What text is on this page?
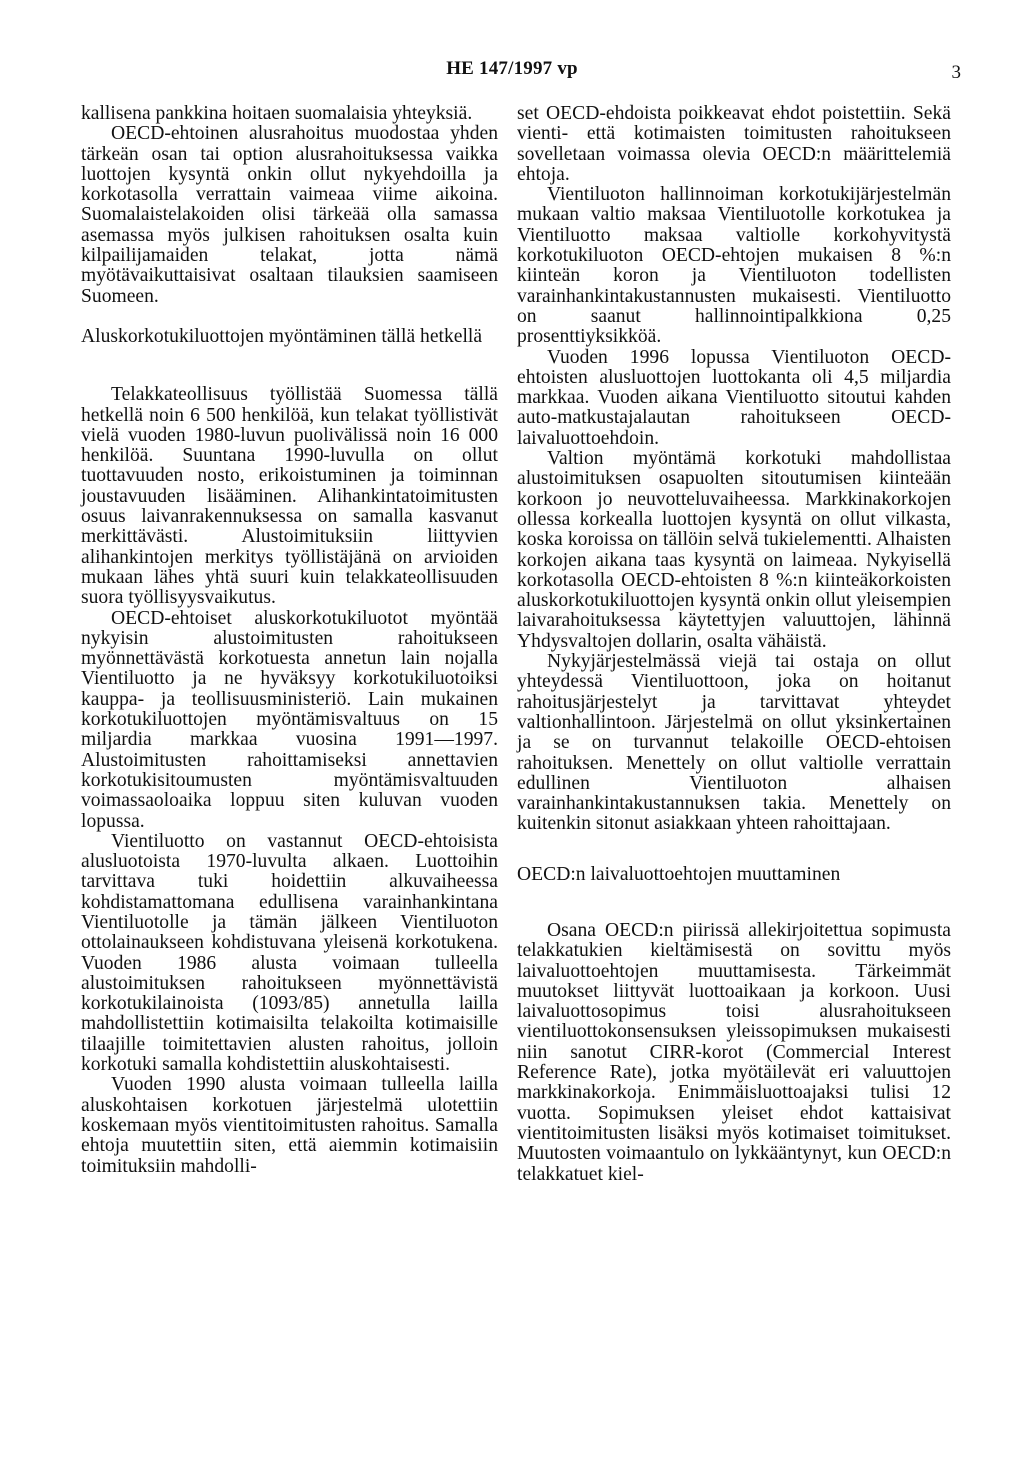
HE 147/1997 vp	3

kallisena pankkina hoitaen suomalaisia yhteyksiä.

OECD-ehtoinen alusrahoitus muodostaa yhden tärkeän osan tai option alusrahoituksessa vaikka luottojen kysyntä onkin ollut nykyehdoilla ja korkotasolla verrattain vaimeaa viime aikoina. Suomalaistelakoiden olisi tärkeää olla samassa asemassa myös julkisen rahoituksen osalta kuin kilpailijamaiden telakat, jotta nämä myötävaikuttaisivat osaltaan tilauksien saamiseen Suomeen.

Aluskorkotukiluottojen myöntäminen tällä hetkellä

Telakkateollisuus työllistää Suomessa tällä hetkellä noin 6 500 henkilöä, kun telakat työllistivät vielä vuoden 1980-luvun puolivälissä noin 16 000 henkilöä. Suuntana 1990-luvulla on ollut tuottavuuden nosto, erikoistuminen ja toiminnan joustavuuden lisääminen. Alihankintatoimitusten osuus laivanrakennuksessa on samalla kasvanut merkittävästi. Alustoimituksiin liittyvien alihankintojen merkitys työllistäjänä on arvioiden mukaan lähes yhtä suuri kuin telakkateollisuuden suora työllisyysvaikutus.

OECD-ehtoiset aluskorkotukiluotot myöntää nykyisin alustoimitusten rahoitukseen myönnettävästä korkotuesta annetun lain nojalla Vientiluotto ja ne hyväksyy korkotukiluotoiksi kauppa- ja teollisuusministeriö. Lain mukainen korkotukiluottojen myöntämisvaltuus on 15 miljardia markkaa vuosina 1991—1997. Alustoimitusten rahoittamiseksi annettavien korkotukisitoumusten myöntämisvaltuuden voimassaoloaika loppuu siten kuluvan vuoden lopussa.

Vientiluotto on vastannut OECD-ehtoisista alusluotoista 1970-luvulta alkaen. Luottoihin tarvittava tuki hoidettiin alkuvaiheessa kohdistamattomana edullisena varainhankintana Vientiluotolle ja tämän jälkeen Vientiluoton ottolainaukseen kohdistuvana yleisenä korkotukena. Vuoden 1986 alusta voimaan tulleella alustoimituksen rahoitukseen myönnettävistä korkotukilainoista (1093/85) annetulla lailla mahdollistettiin kotimaisilta telakoilta kotimaisille tilaajille toimitettavien alusten rahoitus, jolloin korkotuki samalla kohdistettiin aluskohtaisesti.

Vuoden 1990 alusta voimaan tulleella lailla aluskohtaisen korkotuen järjestelmä ulotettiin koskemaan myös vientitoimitusten rahoitus. Samalla ehtoja muutettiin siten, että aiemmin kotimaisiin toimituksiin mahdolli-

set OECD-ehdoista poikkeavat ehdot poistettiin. Sekä vienti- että kotimaisten toimitusten rahoitukseen sovelletaan voimassa olevia OECD:n määrittelemiä ehtoja.

Vientiluoton hallinnoiman korkotukijärjestelmän mukaan valtio maksaa Vientiluotolle korkotukea ja Vientiluotto maksaa valtiolle korkohyvitystä korkotukiluoton OECD-ehtojen mukaisen 8 %:n kiinteän koron ja Vientiluoton todellisten varainhankintakustannusten mukaisesti. Vientiluotto on saanut hallinnointipalkkiona 0,25 prosenttiyksikköä.

Vuoden 1996 lopussa Vientiluoton OECD-ehtoisten alusluottojen luottokanta oli 4,5 miljardia markkaa. Vuoden aikana Vientiluotto sitoutui kahden auto-matkustajalautan rahoitukseen OECD-laivaluottoehdoin.

Valtion myöntämä korkotuki mahdollistaa alustoimituksen osapuolten sitoutumisen kiinteään korkoon jo neuvotteluvaiheessa. Markkinakorkojen ollessa korkealla luottojen kysyntä on ollut vilkasta, koska koroissa on tällöin selvä tukielementti. Alhaisten korkojen aikana taas kysyntä on laimeaa. Nykyisellä korkotasolla OECD-ehtoisten 8 %:n kiinteäkorkoisten aluskorkotukiluottojen kysyntä onkin ollut yleisempien laivarahoituksessa käytettyjen valuuttojen, lähinnä Yhdysvaltojen dollarin, osalta vähäistä.

Nykyjärjestelmässä viejä tai ostaja on ollut yhteydessä Vientiluottoon, joka on hoitanut rahoitusjärjestelyt ja tarvittavat yhteydet valtionhallintoon. Järjestelmä on ollut yksinkertainen ja se on turvannut telakoille OECD-ehtoisen rahoituksen. Menettely on ollut valtiolle verrattain edullinen Vientiluoton alhaisen varainhankintakustannuksen takia. Menettely on kuitenkin sitonut asiakkaan yhteen rahoittajaan.

OECD:n laivaluottoehtojen muuttaminen

Osana OECD:n piirissä allekirjoitettua sopimusta telakkatukien kieltämisestä on sovittu myös laivaluottoehtojen muuttamisesta. Tärkeimmät muutokset liittyvät luottoaikaan ja korkoon. Uusi laivaluottosopimus toisi alusrahoitukseen vientiluottokonsensuksen yleissopimuksen mukaisesti niin sanotut CIRR-korot (Commercial Interest Reference Rate), jotka myötäilevät eri valuuttojen markkinakorkoja. Enimmäisluottoajaksi tulisi 12 vuotta. Sopimuksen yleiset ehdot kattaisivat vientitoimitusten lisäksi myös kotimaiset toimitukset. Muutosten voimaantulo on lykkääntynyt, kun OECD:n telakkatuet kiel-
